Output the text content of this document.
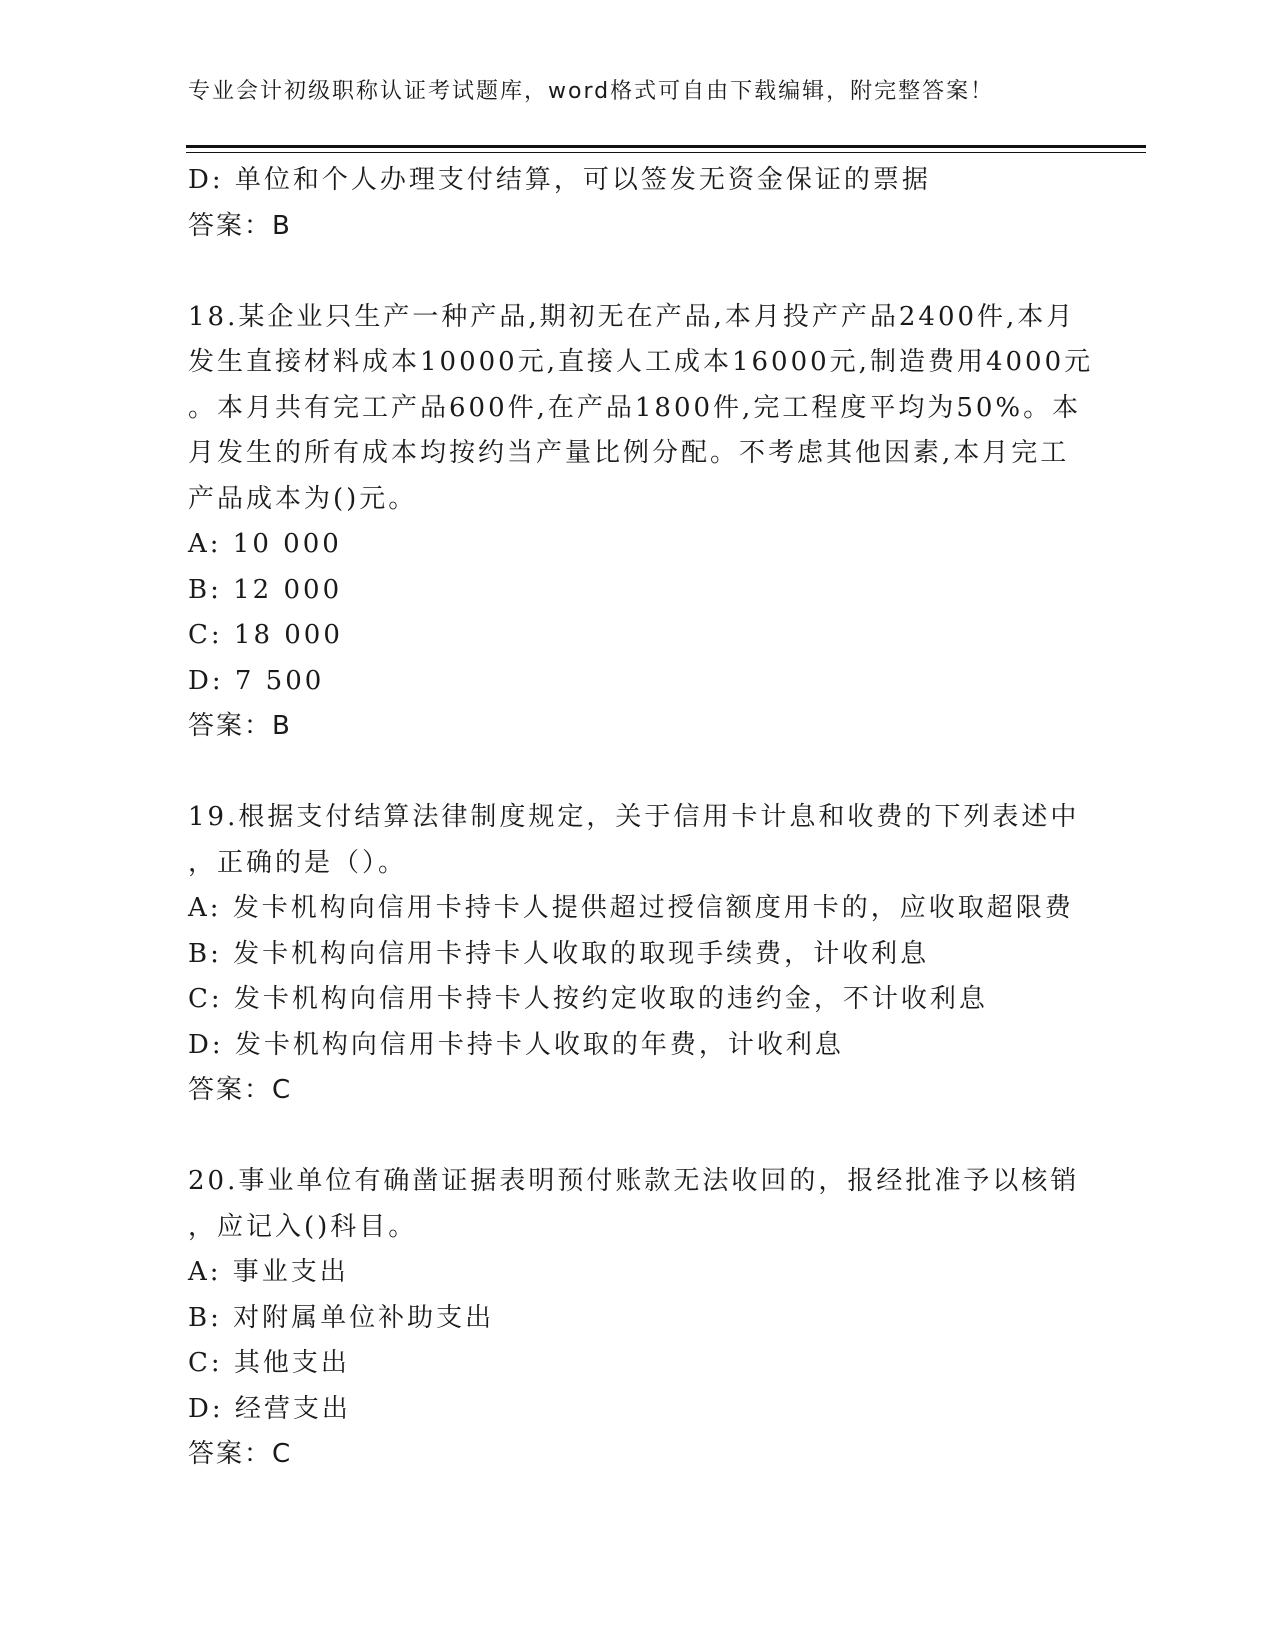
专业会计初级职称认证考试题库，word格式可自由下载编辑，附完整答案！
D: 单位和个人办理支付结算，可以签发无资金保证的票据
答案：B
18.某企业只生产一种产品,期初无在产品,本月投产产品2400件,本月
发生直接材料成本10000元,直接人工成本16000元,制造费用4000元
。本月共有完工产品600件,在产品1800件,完工程度平均为50%。本
月发生的所有成本均按约当产量比例分配。不考虑其他因素,本月完工
产品成本为()元。
A: 10 000
B: 12 000
C: 18 000
D: 7 500
答案：B
19.根据支付结算法律制度规定，关于信用卡计息和收费的下列表述中
，正确的是（）。
A: 发卡机构向信用卡持卡人提供超过授信额度用卡的，应收取超限费
B: 发卡机构向信用卡持卡人收取的取现手续费，计收利息
C: 发卡机构向信用卡持卡人按约定收取的违约金，不计收利息
D: 发卡机构向信用卡持卡人收取的年费，计收利息
答案：C
20.事业单位有确凿证据表明预付账款无法收回的，报经批准予以核销
，应记入()科目。
A: 事业支出
B: 对附属单位补助支出
C: 其他支出
D: 经营支出
答案：C
